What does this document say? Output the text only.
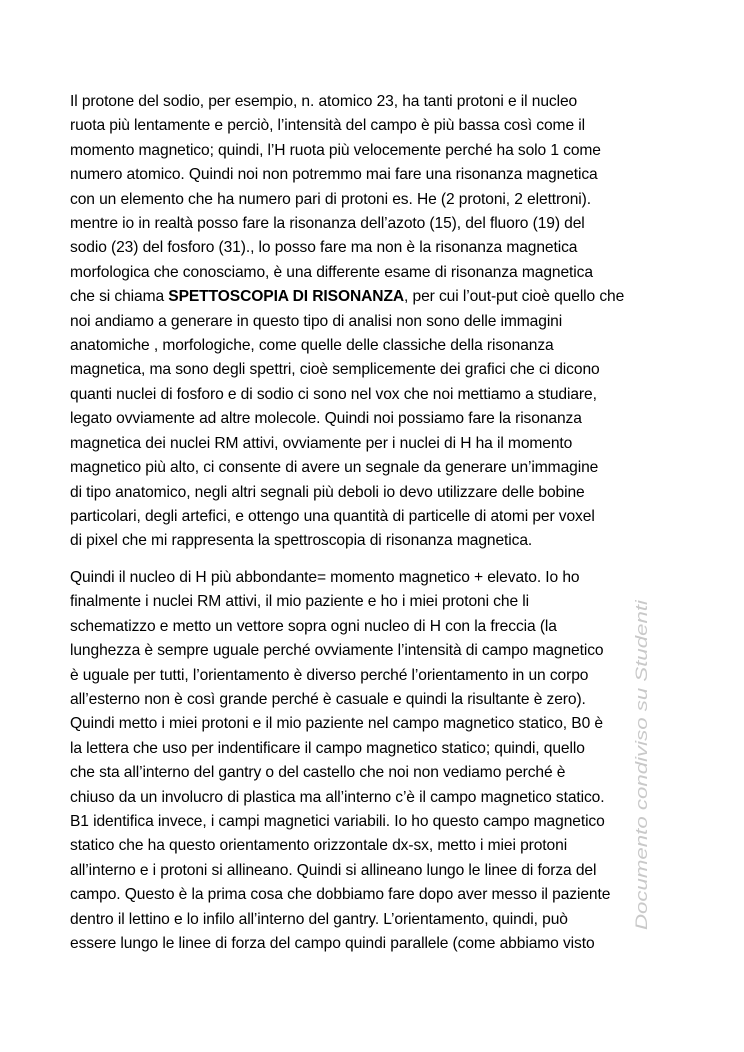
Il protone del sodio, per esempio, n. atomico 23, ha tanti protoni e il nucleo
ruota più lentamente e perciò, l’intensità del campo è più bassa così come il
momento magnetico; quindi, l’H ruota più velocemente perché ha solo 1 come
numero atomico. Quindi noi non potremmo mai fare una risonanza magnetica
con un elemento che ha numero pari di protoni es. He (2 protoni, 2 elettroni).
mentre io in realtà posso fare la risonanza dell’azoto (15), del fluoro (19) del
sodio (23) del fosforo (31)., lo posso fare ma non è la risonanza magnetica
morfologica che conosciamo, è una differente esame di risonanza magnetica
che si chiama SPETTOSCOPIA DI RISONANZA, per cui l’out-put cioè quello che
noi andiamo a generare in questo tipo di analisi non sono delle immagini
anatomiche , morfologiche, come quelle delle classiche della risonanza
magnetica, ma sono degli spettri, cioè semplicemente dei grafici che ci dicono
quanti nuclei di fosforo e di sodio ci sono nel vox che noi mettiamo a studiare,
legato ovviamente ad altre molecole. Quindi noi possiamo fare la risonanza
magnetica dei nuclei RM attivi, ovviamente per i nuclei di H ha il momento
magnetico più alto, ci consente di avere un segnale da generare un’immagine
di tipo anatomico, negli altri segnali più deboli io devo utilizzare delle bobine
particolari, degli artefici, e ottengo una quantità di particelle di atomi per voxel
di pixel che mi rappresenta la spettroscopia di risonanza magnetica.

Quindi il nucleo di H più abbondante= momento magnetico + elevato. Io ho
finalmente i nuclei RM attivi, il mio paziente e ho i miei protoni che li
schematizzo e metto un vettore sopra ogni nucleo di H con la freccia (la
lunghezza è sempre uguale perché ovviamente l’intensità di campo magnetico
è uguale per tutti, l’orientamento è diverso perché l’orientamento in un corpo
all’esterno non è così grande perché è casuale e quindi la risultante è zero).
Quindi metto i miei protoni e il mio paziente nel campo magnetico statico, B0 è
la lettera che uso per indentificare il campo magnetico statico; quindi, quello
che sta all’interno del gantry o del castello che noi non vediamo perché è
chiuso da un involucro di plastica ma all’interno c’è il campo magnetico statico.
B1 identifica invece, i campi magnetici variabili. Io ho questo campo magnetico
statico che ha questo orientamento orizzontale dx-sx, metto i miei protoni
all’interno e i protoni si allineano. Quindi si allineano lungo le linee di forza del
campo. Questo è la prima cosa che dobbiamo fare dopo aver messo il paziente
dentro il lettino e lo infilo all’interno del gantry. L’orientamento, quindi, può
essere lungo le linee di forza del campo quindi parallele (come abbiamo visto

Documento condiviso su Studenti
